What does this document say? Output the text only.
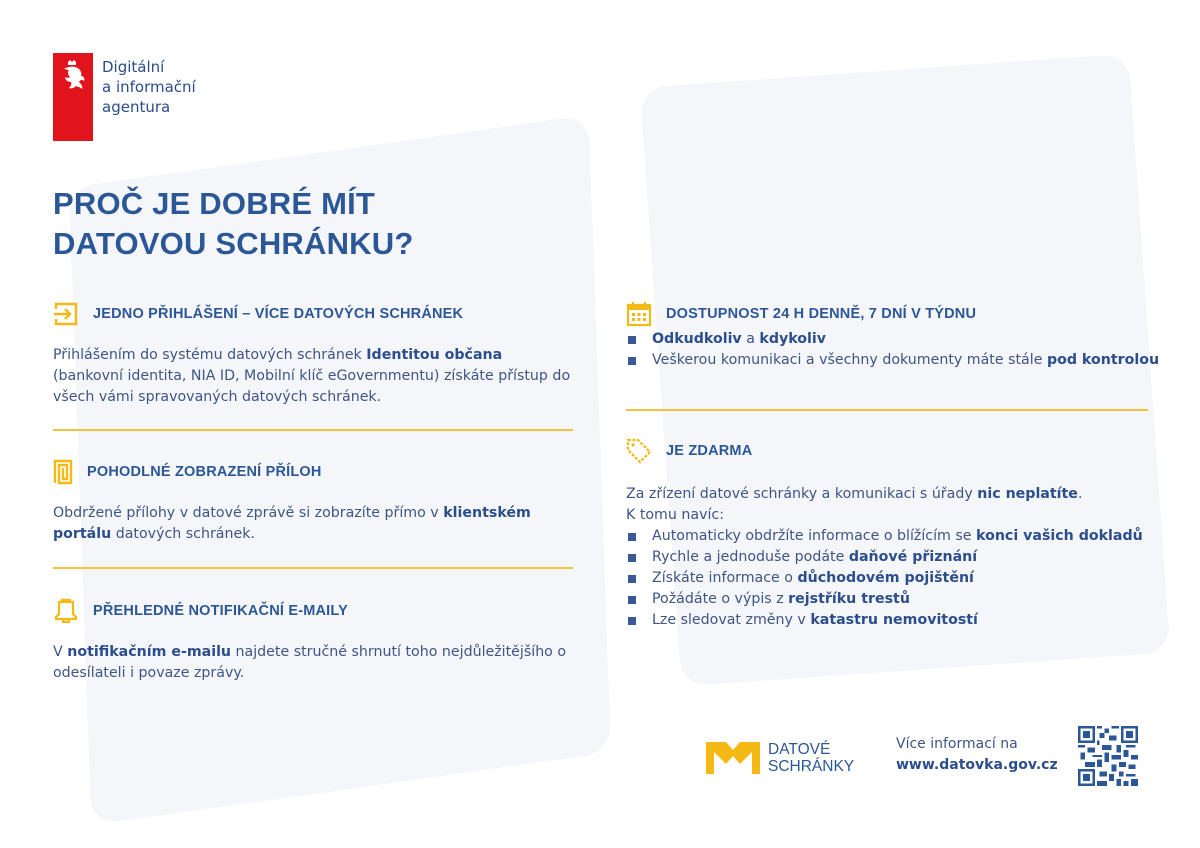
Digitální
a informační
agentura
PROČ JE DOBRÉ MÍT
DATOVOU SCHRÁNKU?
JEDNO PŘIHLÁŠENÍ – VÍCE DATOVÝCH SCHRÁNEK
Přihlášením do systému datových schránek Identitou občana (bankovní identita, NIA ID, Mobilní klíč eGovernmentu) získáte přístup do všech vámi spravovaných datových schránek.
POHODLNÉ ZOBRAZENÍ PŘÍLOH
Obdržené přílohy v datové zprávě si zobrazíte přímo v klientském portálu datových schránek.
PŘEHLEDNÉ NOTIFIKAČNÍ E-MAILY
V notifikačním e-mailu najdete stručné shrnutí toho nejdůležitějšího o odesílateli i povaze zprávy.
DOSTUPNOST 24 H DENNĚ, 7 DNÍ V TÝDNU
Odkudkoliv a kdykoliv
Veškerou komunikaci a všechny dokumenty máte stále pod kontrolou
JE ZDARMA
Za zřízení datové schránky a komunikaci s úřady nic neplatíte.
K tomu navíc:
Automaticky obdržíte informace o blížícím se konci vašich dokladů
Rychle a jednoduše podáte daňové přiznání
Získáte informace o důchodovém pojištění
Požádáte o výpis z rejstříku trestů
Lze sledovat změny v katastru nemovitostí
DATOVÉ
SCHRÁNKY
Více informací na
www.datovka.gov.cz
